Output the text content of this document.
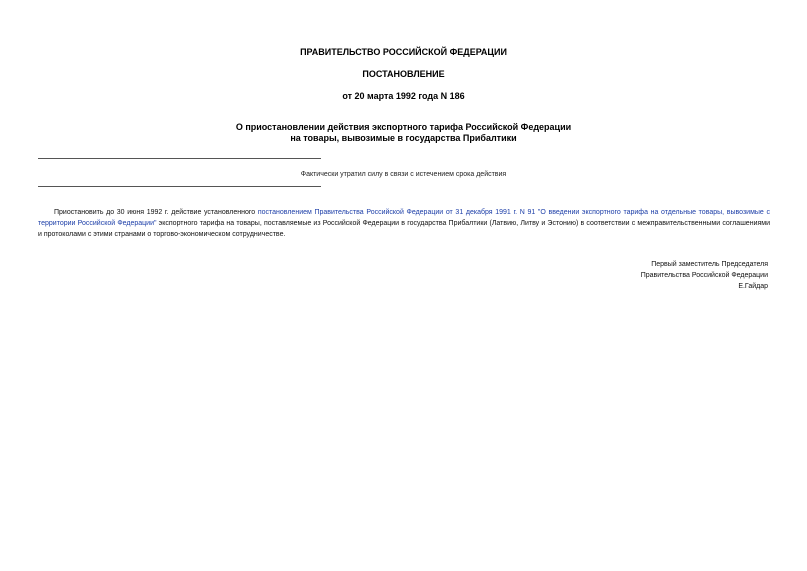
ПРАВИТЕЛЬСТВО РОССИЙСКОЙ ФЕДЕРАЦИИ
ПОСТАНОВЛЕНИЕ
от 20 марта 1992 года N 186
О приостановлении действия экспортного тарифа Российской Федерации
на товары, вывозимые в государства Прибалтики
Фактически утратил силу в связи с истечением срока действия
Приостановить до 30 июня 1992 г. действие установленного постановлением Правительства Российской Федерации от 31 декабря 1991 г. N 91 "О введении экспортного тарифа на отдельные товары, вывозимые с территории Российской Федерации" экспортного тарифа на товары, поставляемые из Российской Федерации в государства Прибалтики (Латвию, Литву и Эстонию) в соответствии с межправительственными соглашениями и протоколами с этими странами о торгово-экономическом сотрудничестве.
Первый заместитель Председателя
Правительства Российской Федерации
Е.Гайдар
